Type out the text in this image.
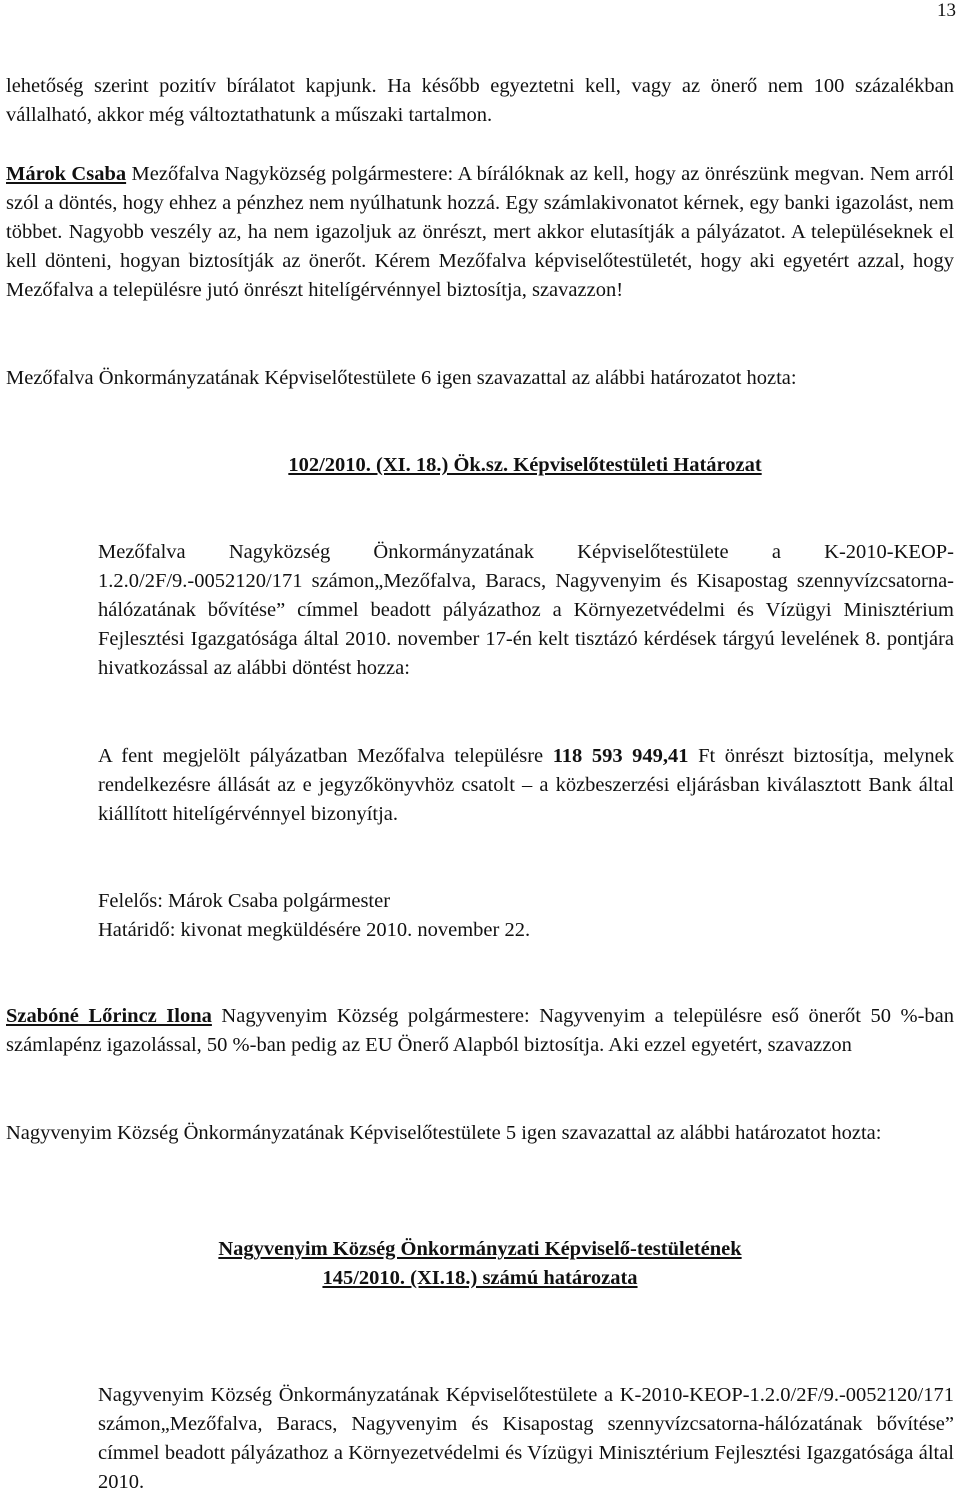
13

lehetőség szerint pozitív bírálatot kapjunk. Ha később egyeztetni kell, vagy az önerő nem 100 százalékban vállalható, akkor még változtathatunk a műszaki tartalmon.

Márok Csaba Mezőfalva Nagyközség polgármestere: A bírálóknak az kell, hogy az önrészünk megvan. Nem arról szól a döntés, hogy ehhez a pénzhez nem nyúlhatunk hozzá. Egy számlakivonatot kérnek, egy banki igazolást, nem többet. Nagyobb veszély az, ha nem igazoljuk az önrészt, mert akkor elutasítják a pályázatot. A településeknek el kell dönteni, hogyan biztosítják az önerőt. Kérem Mezőfalva képviselőtestületét, hogy aki egyetért azzal, hogy Mezőfalva a településre jutó önrészt hitelígérvénnyel biztosítja, szavazzon!

Mezőfalva Önkormányzatának Képviselőtestülete 6 igen szavazattal az alábbi határozatot hozta:

102/2010. (XI. 18.) Ök.sz. Képviselőtestületi Határozat

Mezőfalva Nagyközség Önkormányzatának Képviselőtestülete a K-2010-KEOP-1.2.0/2F/9.-0052120/171 számon„Mezőfalva, Baracs, Nagyvenyim és Kisapostag szennyvízcsatorna-hálózatának bővítése” címmel beadott pályázathoz a Környezetvédelmi és Vízügyi Minisztérium Fejlesztési Igazgatósága által 2010. november 17-én kelt tisztázó kérdések tárgyú levelének 8. pontjára hivatkozással az alábbi döntést hozza:

A fent megjelölt pályázatban Mezőfalva településre 118 593 949,41 Ft önrészt biztosítja, melynek rendelkezésre állását az e jegyzőkönyvhöz csatolt – a közbeszerzési eljárásban kiválasztott Bank által kiállított hitelígérvénnyel bizonyítja.

Felelős: Márok Csaba polgármester
Határidő: kivonat megküldésére 2010. november 22.

Szabóné Lőrincz Ilona Nagyvenyim Község polgármestere: Nagyvenyim a településre eső önerőt 50 %-ban számlapénz igazolással, 50 %-ban pedig az EU Önerő Alapból biztosítja. Aki ezzel egyetért, szavazzon

Nagyvenyim Község Önkormányzatának Képviselőtestülete 5 igen szavazattal az alábbi határozatot hozta:

Nagyvenyim Község Önkormányzati Képviselő-testületének
145/2010. (XI.18.) számú határozata

Nagyvenyim Község Önkormányzatának Képviselőtestülete a K-2010-KEOP-1.2.0/2F/9.-0052120/171 számon„Mezőfalva, Baracs, Nagyvenyim és Kisapostag szennyvízcsatorna-hálózatának bővítése” címmel beadott pályázathoz a Környezetvédelmi és Vízügyi Minisztérium Fejlesztési Igazgatósága által 2010.
